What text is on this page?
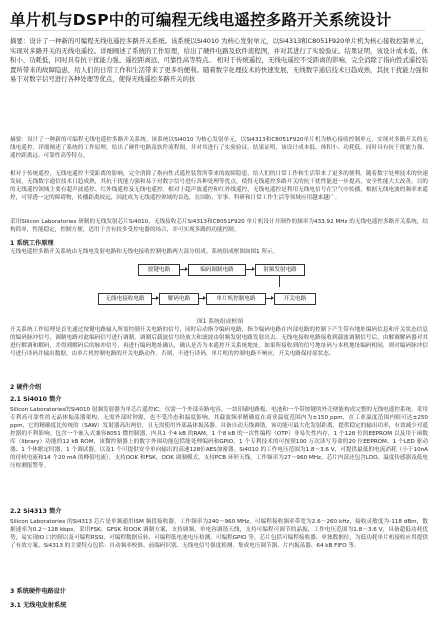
单片机与DSP中的可编程无线电遥控多路开关系统设计

摘要：设计了一种新的可编程无线电遥控多路开关系统。该系统以Si4010 为核心发射单元，以Si4313和C8051F920单片机为核心接收控制单元，实现对多路开关的无线电遥控。详细阐述了系统的工作原理，给出了硬件电路及软件流程图，并对其进行了实验验证。结果证明，该设计成本低、体积小、功耗低，同时具有抗干扰能力强、遥控距离远、可靠性高等特点。 相对于传统遥控，无线电遥控不受距离的影响，完全消除了指向性式遥控装置所带来的故障隐患，给人们的日常工作和生活带来了更多的便利。随着数字化理技术的快速发展，无线数字通信技术日趋成熟，其抗干扰能力强和易于对数字信号进行各种处理等优点，使得无线遥控多路开关的抗

摘要：设计了一种新的可编程无线电遥控多路开关系统。该系统以Si4010 为核心发射单元，以Si4313和C8051F920单片机为核心接收控制单元，实现对多路开关的无线电遥控。详细阐述了系统的工作原理，给出了硬件电路及软件流程图，并对其进行了实验验证。结果证明，该设计成本低、体积小、功耗低，同时具有抗干扰能力强、遥控距离远、可靠性高等特点。

相对于传统遥控，无线电遥控不受距离的影响，完全消除了指向性式遥控装置所带来的故障隐患，给人们的日常工作和生活带来了更多的便利。随着数字处理技术的快速发展，无线数字通信技术日趋成熟，其抗干扰能力强和易于对数字信号进行各种处理等优点，使得无线遥控多路开关的抗干扰性能进一步提高，安全性能大大改善。目的的无线遥控领域主要有超声波遥控、红外线遥控及无线电遥控。相对于超声波遥控和红外线遥控，无线电遥控是利用无线电信号在空气中传播，根据无线电波的频率来遥控，可穿透一定的障碍物，传播距离较远，因此成为无线遥控领域的首选，在国防、军事、科研和日常工作生活等领域应用越来越广。

采用Silicon Laboratories 研制的无线发射芯片Si4010、无线接收芯片Si4313和C8051F920 单片机设计并制作的频率为433.92 MHz 的无线电遥控多路开关系统，结构简单，性能稳定，控制方便，适用于含有较多受控电器的场合，并可实现多路的功能控制。

1 系统工作原理

无线电遥控多路开关系统由无线电发射电路和无线电接收控制电路两大部分组成。系统组成框图如图1 所示。

按键电路	编码调制电路	射频发射电路
无线电接收电路	解码电路	单片机控制电路	开关电路

图1 系统组成框图

开关系统工作原理是首先通过按键电路输入所需控制开关电路的信号，同时启动指令编码电路，指令编码电路在内部电路的控制下产生带有地址编码信息和开关状态信息的编码脉冲信号，调制电路对此编码信号进行调制，调制后载波信号经放大和滤波由射频发射电路发射出去。无线电接收电路接收到载波调制信号后，由解调解码器对其进行解调和解码，并得到解码后的脉冲信号，再进行编码地址确认，确认是否为本遥控开关系统地址。如果所接收到的信号地址码与本机地址编码相同，则对编码脉冲信号进行译码并输出数据，由单片机控制电路的开关电路动作。否则，不进行译码，单片机的控制电路不响应，开关电路保持原状态。

2 硬件介绍

2.1 Si4010 简介

Silicon Laboratories的Si4010 射频发射器为单芯片遥控IC，仅需一个外部旁路电容、一块印刷电路板、电池和一个带按键的外壳便能构成完整的无线电遥控系统。采用专利高可靠性的无晶体振荡器架构，无需外部时钟源，也不受冷态和温度影响。其载波频率精确度在商业温度范围内为±150 ppm，在工业温度范围内则可达±250 ppm，它的精确度比传统的（SAW）发射器高出两倍，且无需使用外部晶体振荡器。具备自动天线调谐，该功能可最大化发射距离，提供稳定的输出功率，有效减少对遥控器的不利影响。包含一个嵌入式兼容8051 微控制器，内具1 个4 kB 的RAM，1 个8 kB 的一次性编程（OTP）非易失性内存，1 个128 位的EEPROM 以及用于函数库（library）功能的12 kB ROM，该微控制器上的数字外围功能包括能处理编码和GPIO，1 个专利技术的可按照100 万次读写寿命的20 位EEPROM、1 个LED 驱动器、1 个休眠定时器，1 个调试器，以及1 个可提供安全单向输出的高速128位AES加密器。Si4010 的工作电压范围为1.8～3.6 V，可提供最低的电流消耗（小于10nA 的待机电流和14 个20 mA 的峰值电流），支持OOK 和FSK，OOK 调制模式，支持PCB 环形天线，工作频率为27～960 MHz，芯片内部还包含LDO、温度传感器及低电压检测报警等。

2.2 Si4313 简介

Silicon Laboratories 的Si4313 芯片是单频通用ISM 频段接收器，工作频率为240～960 MHz，可编程接收频率带宽为2.6～260 kHz，接收灵敏度为-118 dBm，数据速率为0.2～128 kbps，采用FSK、GFSK 和OOK 调制方案，支持调频、单电容调谐天线，支持可编程可调节的晶振，工作电压范围为1.8～3.6 V，具备超低功耗优势，易实现IO 口控制以及可编程RSSI、可编程数据反转、可编程低电池电压检测、可编程GPIO 等。芯片包括可编程接收器、单独数据位，为低功耗单片机接收应用提供了有效方案。Si4313 的主要特点包括：自动频率校准、前端码识别、无线电信号强度检测、集成电压调节器、片内振荡器、64 kB FIFO 等。

3 系统硬件电路设计

3.1 无线电发射系统
